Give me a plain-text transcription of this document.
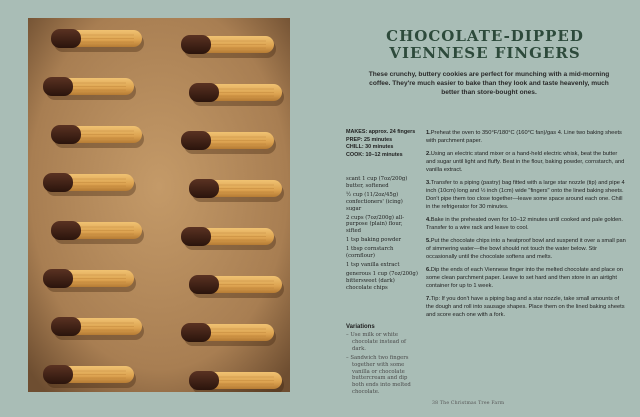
CHOCOLATE-DIPPED
VIENNESE FINGERS
These crunchy, buttery cookies are perfect for munching with a mid-morning coffee. They're much easier to bake than they look and taste heavenly, much better than store-bought ones.
MAKES: approx. 24 fingers
PREP: 25 minutes
CHILL: 30 minutes
COOK: 10–12 minutes
scant 1 cup (7oz/200g) butter, softened
½ cup (11/2oz/45g) confectioners' (icing) sugar
2 cups (7oz/200g) all-purpose (plain) flour, sifted
1 tsp baking powder
1 tbsp cornstarch (cornflour)
1 tsp vanilla extract
generous 1 cup (7oz/200g) bittersweet (dark) chocolate chips
Variations
– Use milk or white chocolate instead of dark.
– Sandwich two fingers together with some vanilla or chocolate buttercream and dip both ends into melted chocolate.
1.Preheat the oven to 350°F/180°C (160°C fan)/gas 4. Line two baking sheets with parchment paper.
2.Using an electric stand mixer or a hand-held electric whisk, beat the butter and sugar until light and fluffy. Beat in the flour, baking powder, cornstarch, and vanilla extract.
3.Transfer to a piping (pastry) bag fitted with a large star nozzle (tip) and pipe 4 inch (10cm) long and ½ inch (1cm) wide "fingers" onto the lined baking sheets. Don't pipe them too close together—leave some space around each one. Chill in the refrigerator for 30 minutes.
4.Bake in the preheated oven for 10–12 minutes until cooked and pale golden. Transfer to a wire rack and leave to cool.
5.Put the chocolate chips into a heatproof bowl and suspend it over a small pan of simmering water—the bowl should not touch the water below. Stir occasionally until the chocolate softens and melts.
6.Dip the ends of each Viennese finger into the melted chocolate and place on some clean parchment paper. Leave to set hard and then store in an airtight container for up to 1 week.
7.Tip: If you don't have a piping bag and a star nozzle, take small amounts of the dough and roll into sausage shapes. Place them on the lined baking sheets and score each one with a fork.
38 The Christmas Tree Farm
